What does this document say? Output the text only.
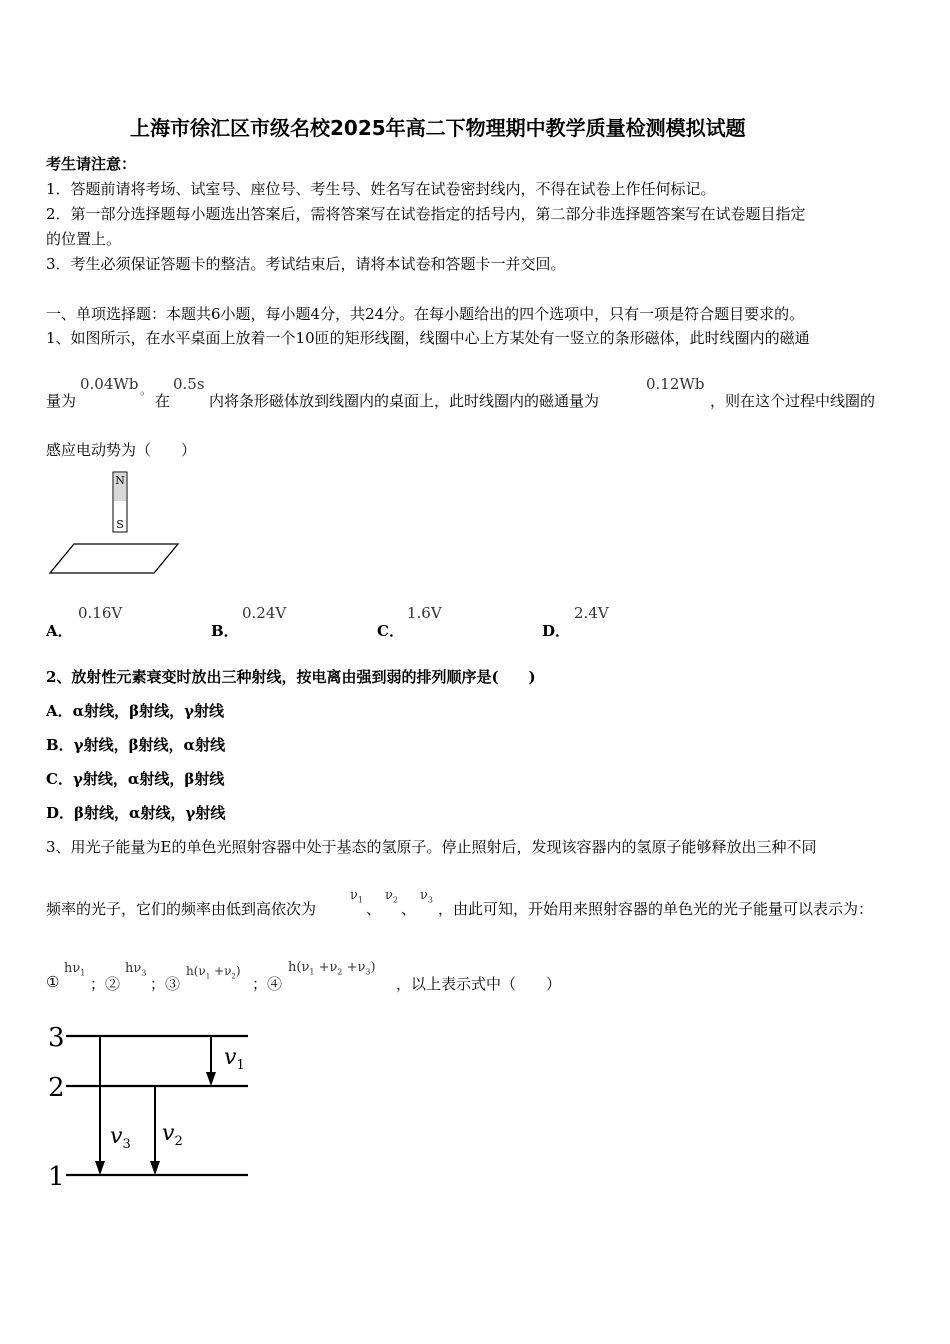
上海市徐汇区市级名校2025年高二下物理期中教学质量检测模拟试题
考生请注意：
1．答题前请将考场、试室号、座位号、考生号、姓名写在试卷密封线内，不得在试卷上作任何标记。
2．第一部分选择题每小题选出答案后，需将答案写在试卷指定的括号内，第二部分非选择题答案写在试卷题目指定
的位置上。
3．考生必须保证答题卡的整洁。考试结束后，请将本试卷和答题卡一并交回。
一、单项选择题：本题共6小题，每小题4分，共24分。在每小题给出的四个选项中，只有一项是符合题目要求的。
1、如图所示，在水平桌面上放着一个10匝的矩形线圈，线圈中心上方某处有一竖立的条形磁体，此时线圈内的磁通
量为
0.04Wb 。
在
0.5s
内将条形磁体放到线圈内的桌面上，此时线圈内的磁通量为
0.12Wb
，则在这个过程中线圈的
感应电动势为（　　）
N
S
A．
0.16V
B．
0.24V
C．
1.6V
D．
2.4V
2、放射性元素衰变时放出三种射线，按电离由强到弱的排列顺序是(　　)
A．α射线，β射线，γ射线
B．γ射线，β射线，α射线
C．γ射线，α射线，β射线
D．β射线，α射线，γ射线
3、用光子能量为E的单色光照射容器中处于基态的氢原子。停止照射后，发现该容器内的氢原子能够释放出三种不同
频率的光子，它们的频率由低到高依次为
$\nu_1$ 、
$\nu_2$ 、
$\nu_3$ ，由此可知，开始用来照射容器的单色光的光子能量可以表示为：
①
$h\nu_1$
；②
$h\nu_3$
；③
$h(\nu_1 +\nu_2)$
；④
$h(\nu_1 +\nu_2 +\nu_3)$
，以上表示式中（　　）
3
2
1
$v_1$
$v_3$ $v_2$
